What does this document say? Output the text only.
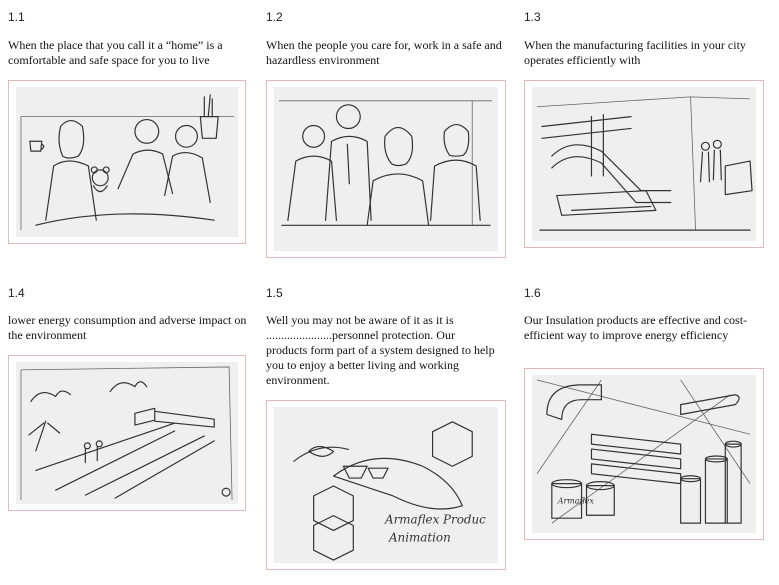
1.1
When the place that you call it a “home” is a comfortable and safe space for you to live
1.2
When the people you care for, work in a safe and hazardless environment
1.3
When the manufacturing facilities in your city operates efficiently with
1.4
lower energy consumption and adverse impact on the environment
1.5
Well you may not be aware of it as it is ......................personnel protection. Our products form part of a system designed to help you to enjoy a better living and working environment.
Armaflex Produc
Animation
1.6
Our Insulation products are effective and cost-efficient way to improve energy efficiency
Armaflex
